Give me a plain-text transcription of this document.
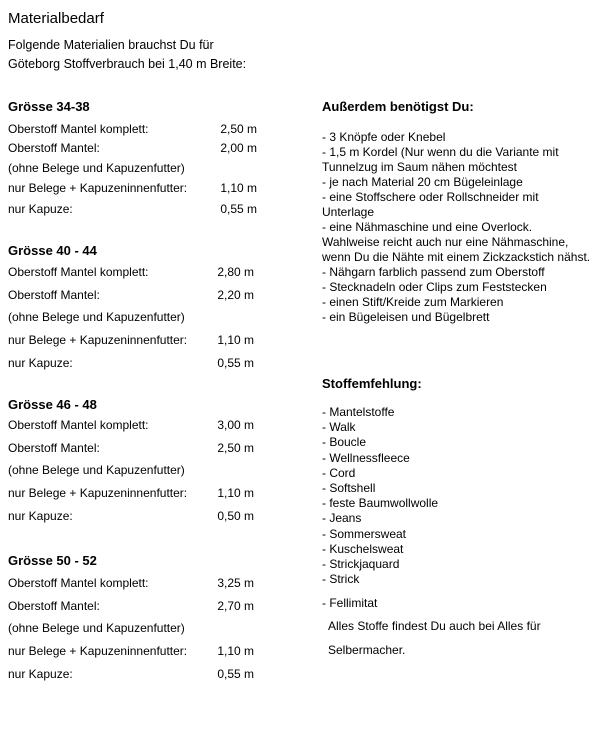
Materialbedarf
Folgende Materialien brauchst Du für
Göteborg Stoffverbrauch bei 1,40 m Breite:
Grösse 34-38
Oberstoff Mantel komplett:	2,50 m
Oberstoff Mantel:	2,00 m
(ohne Belege und Kapuzenfutter)
nur Belege + Kapuzeninnenfutter:	1,10 m
nur Kapuze:	0,55 m
Grösse 40 - 44
Oberstoff Mantel komplett:	2,80 m
Oberstoff Mantel:	2,20 m
(ohne Belege und Kapuzenfutter)
nur Belege + Kapuzeninnenfutter:	1,10 m
nur Kapuze:	0,55 m
Grösse 46 - 48
Oberstoff Mantel komplett:	3,00 m
Oberstoff Mantel:	2,50 m
(ohne Belege und Kapuzenfutter)
nur Belege + Kapuzeninnenfutter:	1,10 m
nur Kapuze:	0,50 m
Grösse 50 - 52
Oberstoff Mantel komplett:	3,25 m
Oberstoff Mantel:	2,70 m
(ohne Belege und Kapuzenfutter)
nur Belege + Kapuzeninnenfutter:	1,10 m
nur Kapuze:	0,55 m
Außerdem benötigst Du:
- 3 Knöpfe oder Knebel
- 1,5 m Kordel (Nur wenn du die Variante mit Tunnelzug im Saum nähen möchtest
- je nach Material 20 cm Bügeleinlage
- eine Stoffschere oder Rollschneider mit Unterlage
- eine Nähmaschine und eine Overlock. Wahlweise reicht auch nur eine Nähmaschine, wenn Du die Nähte mit einem Zickzackstich nähst.
- Nähgarn farblich passend zum Oberstoff
- Stecknadeln oder Clips zum Feststecken
- einen Stift/Kreide zum Markieren
- ein Bügeleisen und Bügelbrett
Stoffemfehlung:
- Mantelstoffe
- Walk
- Boucle
- Wellnessfleece
- Cord
- Softshell
- feste Baumwollwolle
- Jeans
- Sommersweat
- Kuschelsweat
- Strickjaquard
- Strick
- Fellimitat
Alles Stoffe findest Du auch bei Alles für
Selbermacher.
